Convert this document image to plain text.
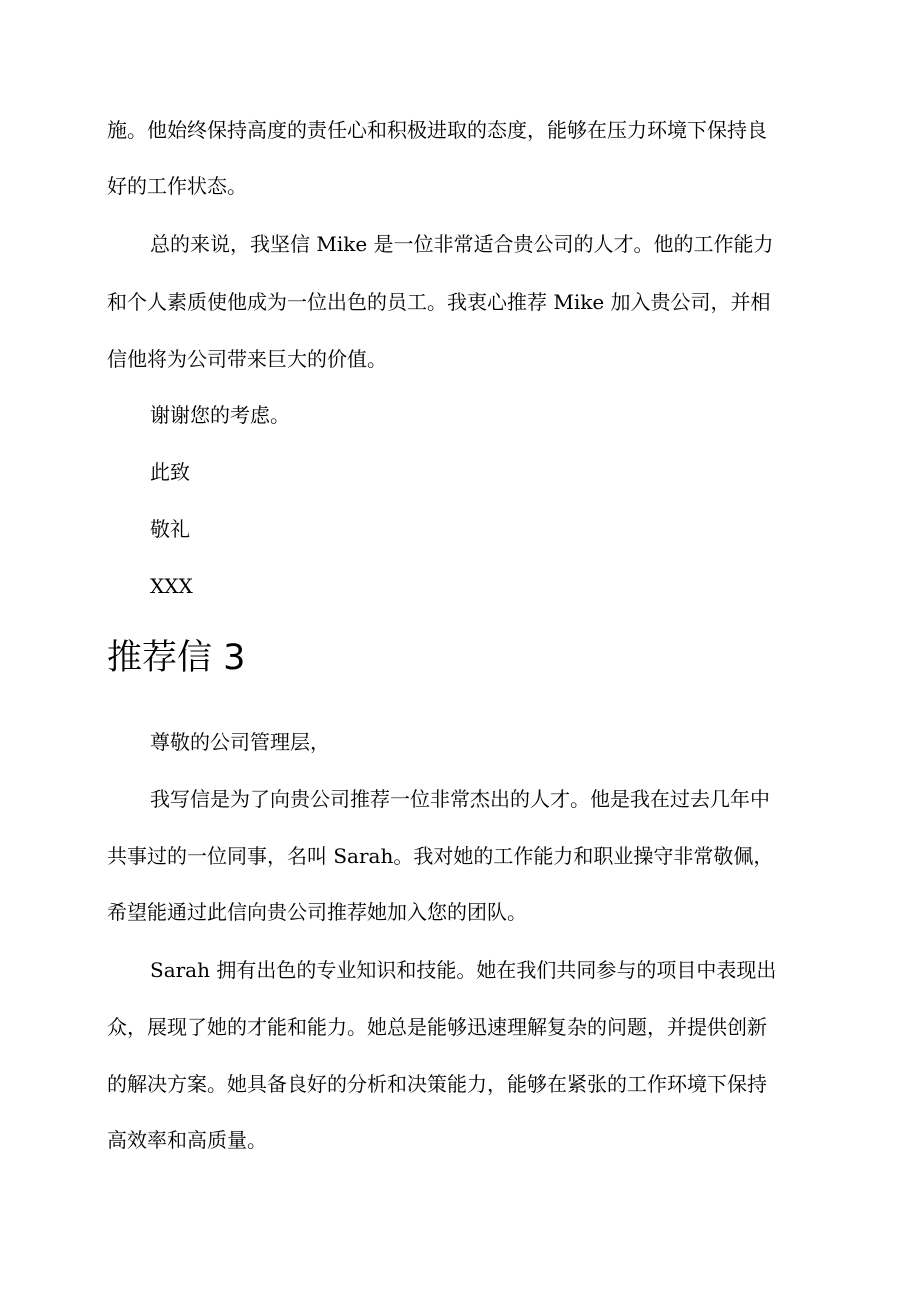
施。他始终保持高度的责任心和积极进取的态度，能够在压力环境下保持良

好的工作状态。

总的来说，我坚信 Mike 是一位非常适合贵公司的人才。他的工作能力

和个人素质使他成为一位出色的员工。我衷心推荐 Mike 加入贵公司，并相

信他将为公司带来巨大的价值。

谢谢您的考虑。

此致

敬礼

XXX

推荐信 3

尊敬的公司管理层，

我写信是为了向贵公司推荐一位非常杰出的人才。他是我在过去几年中

共事过的一位同事，名叫 Sarah。我对她的工作能力和职业操守非常敬佩，

希望能通过此信向贵公司推荐她加入您的团队。

Sarah 拥有出色的专业知识和技能。她在我们共同参与的项目中表现出

众，展现了她的才能和能力。她总是能够迅速理解复杂的问题，并提供创新

的解决方案。她具备良好的分析和决策能力，能够在紧张的工作环境下保持

高效率和高质量。
